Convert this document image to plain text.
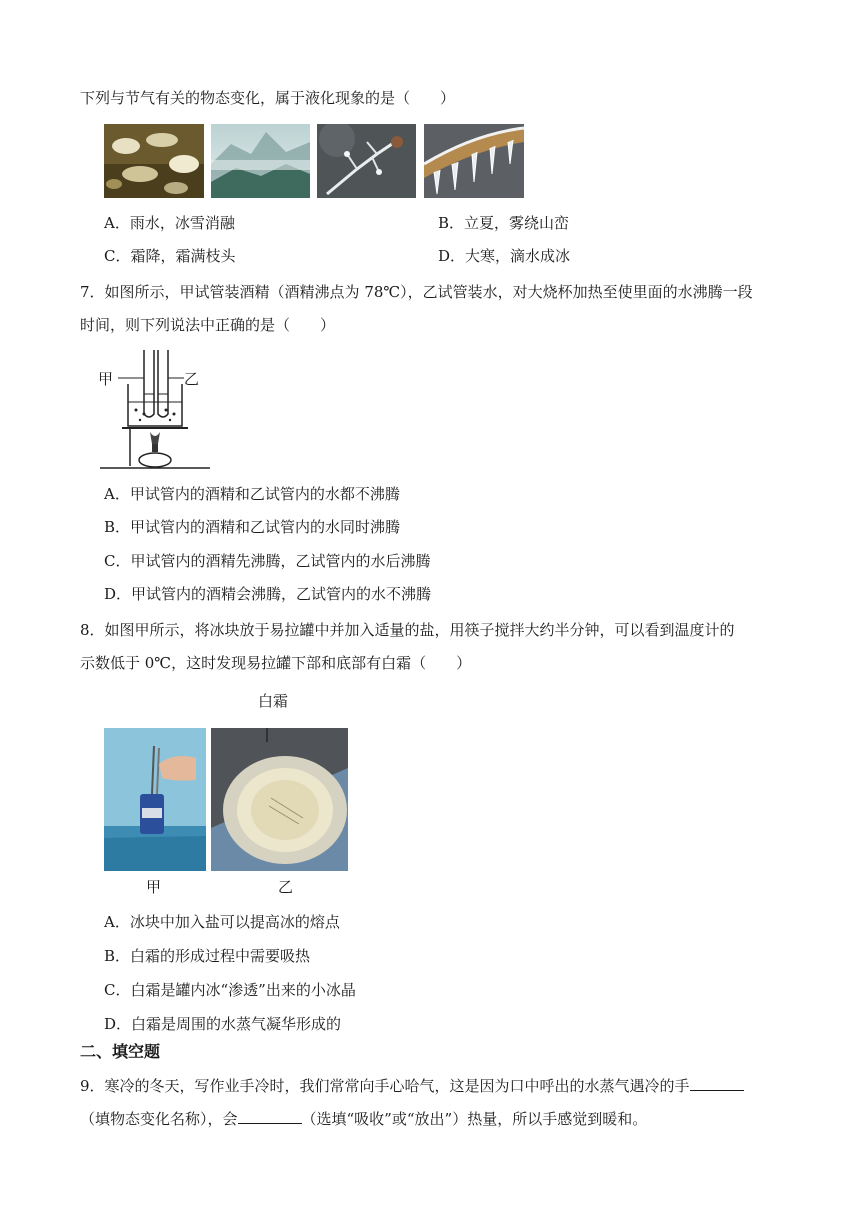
下列与节气有关的物态变化，属于液化现象的是（　　）
A．雨水，冰雪消融	B．立夏，雾绕山峦
C．霜降，霜满枝头	D．大寒，滴水成冰
7．如图所示，甲试管装酒精（酒精沸点为 78℃），乙试管装水，对大烧杯加热至使里面的水沸腾一段
时间，则下列说法中正确的是（　　）
甲	乙
A．甲试管内的酒精和乙试管内的水都不沸腾
B．甲试管内的酒精和乙试管内的水同时沸腾
C．甲试管内的酒精先沸腾，乙试管内的水后沸腾
D．甲试管内的酒精会沸腾，乙试管内的水不沸腾
8．如图甲所示，将冰块放于易拉罐中并加入适量的盐，用筷子搅拌大约半分钟，可以看到温度计的
示数低于 0℃，这时发现易拉罐下部和底部有白霜（　　）
白霜
甲	乙
A．冰块中加入盐可以提高冰的熔点
B．白霜的形成过程中需要吸热
C．白霜是罐内冰“渗透”出来的小冰晶
D．白霜是周围的水蒸气凝华形成的
二、填空题
9．寒冷的冬天，写作业手冷时，我们常常向手心哈气，这是因为口中呼出的水蒸气遇冷的手
（填物态变化名称），会	（选填“吸收”或“放出”）热量，所以手感觉到暖和。
